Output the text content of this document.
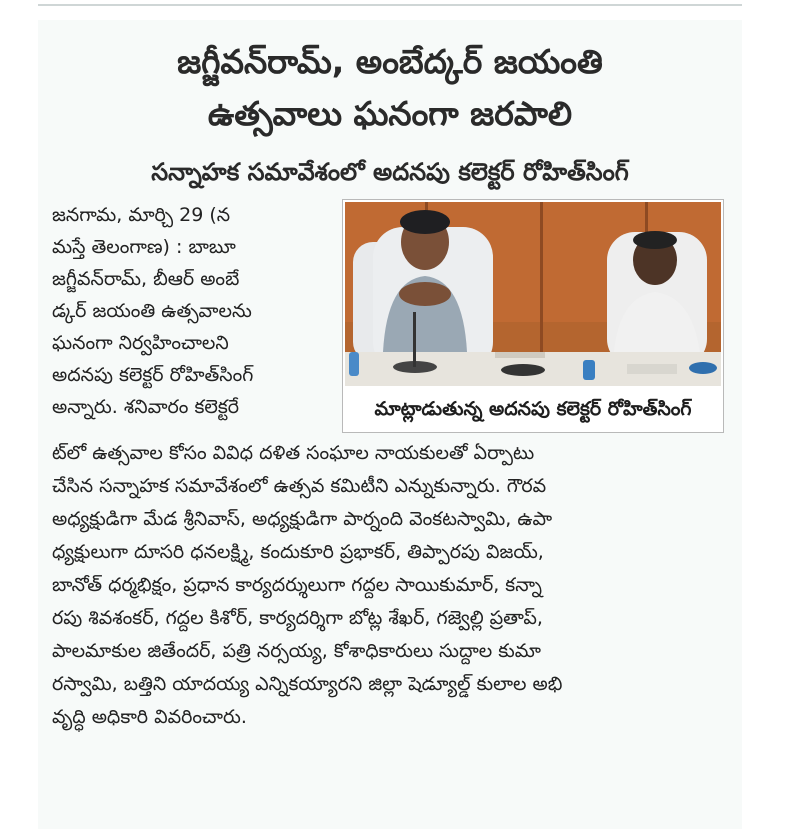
జగ్జీవన్‌రామ్, అంబేద్కర్ జయంతి
ఉత్సవాలు ఘనంగా జరపాలి
సన్నాహక సమావేశంలో అదనపు కలెక్టర్ రోహిత్‌సింగ్
మాట్లాడుతున్న అదనపు కలెక్టర్ రోహిత్‌సింగ్
జనగామ, మార్చి 29 (న
మస్తే తెలంగాణ) : బాబూ
జగ్జీవన్‌రామ్, బీఆర్ అంబే
డ్కర్ జయంతి ఉత్సవాలను
ఘనంగా నిర్వహించాలని
అదనపు కలెక్టర్ రోహిత్‌సింగ్
అన్నారు. శనివారం కలెక్టరే
ట్‌లో ఉత్సవాల కోసం వివిధ దళిత సంఘాల నాయకులతో ఏర్పాటు
చేసిన సన్నాహక సమావేశంలో ఉత్సవ కమిటీని ఎన్నుకున్నారు. గౌరవ
అధ్యక్షుడిగా మేడ శ్రీనివాస్, అధ్యక్షుడిగా పార్నంది వెంకటస్వామి, ఉపా
ధ్యక్షులుగా దూసరి ధనలక్ష్మి, కందుకూరి ప్రభాకర్, తిప్పారపు విజయ్,
బానోత్ ధర్మభిక్షం, ప్రధాన కార్యదర్శులుగా గద్దల సాయికుమార్, కన్నా
రపు శివశంకర్, గద్దల కిశోర్, కార్యదర్శిగా బోట్ల శేఖర్, గజ్వెల్లి ప్రతాప్,
పాలమాకుల జితేందర్, పత్రి నర్సయ్య, కోశాధికారులు సుద్దాల కుమా
రస్వామి, బత్తిని యాదయ్య ఎన్నికయ్యారని జిల్లా షెడ్యూల్డ్ కులాల అభి
వృద్ధి అధికారి వివరించారు.
